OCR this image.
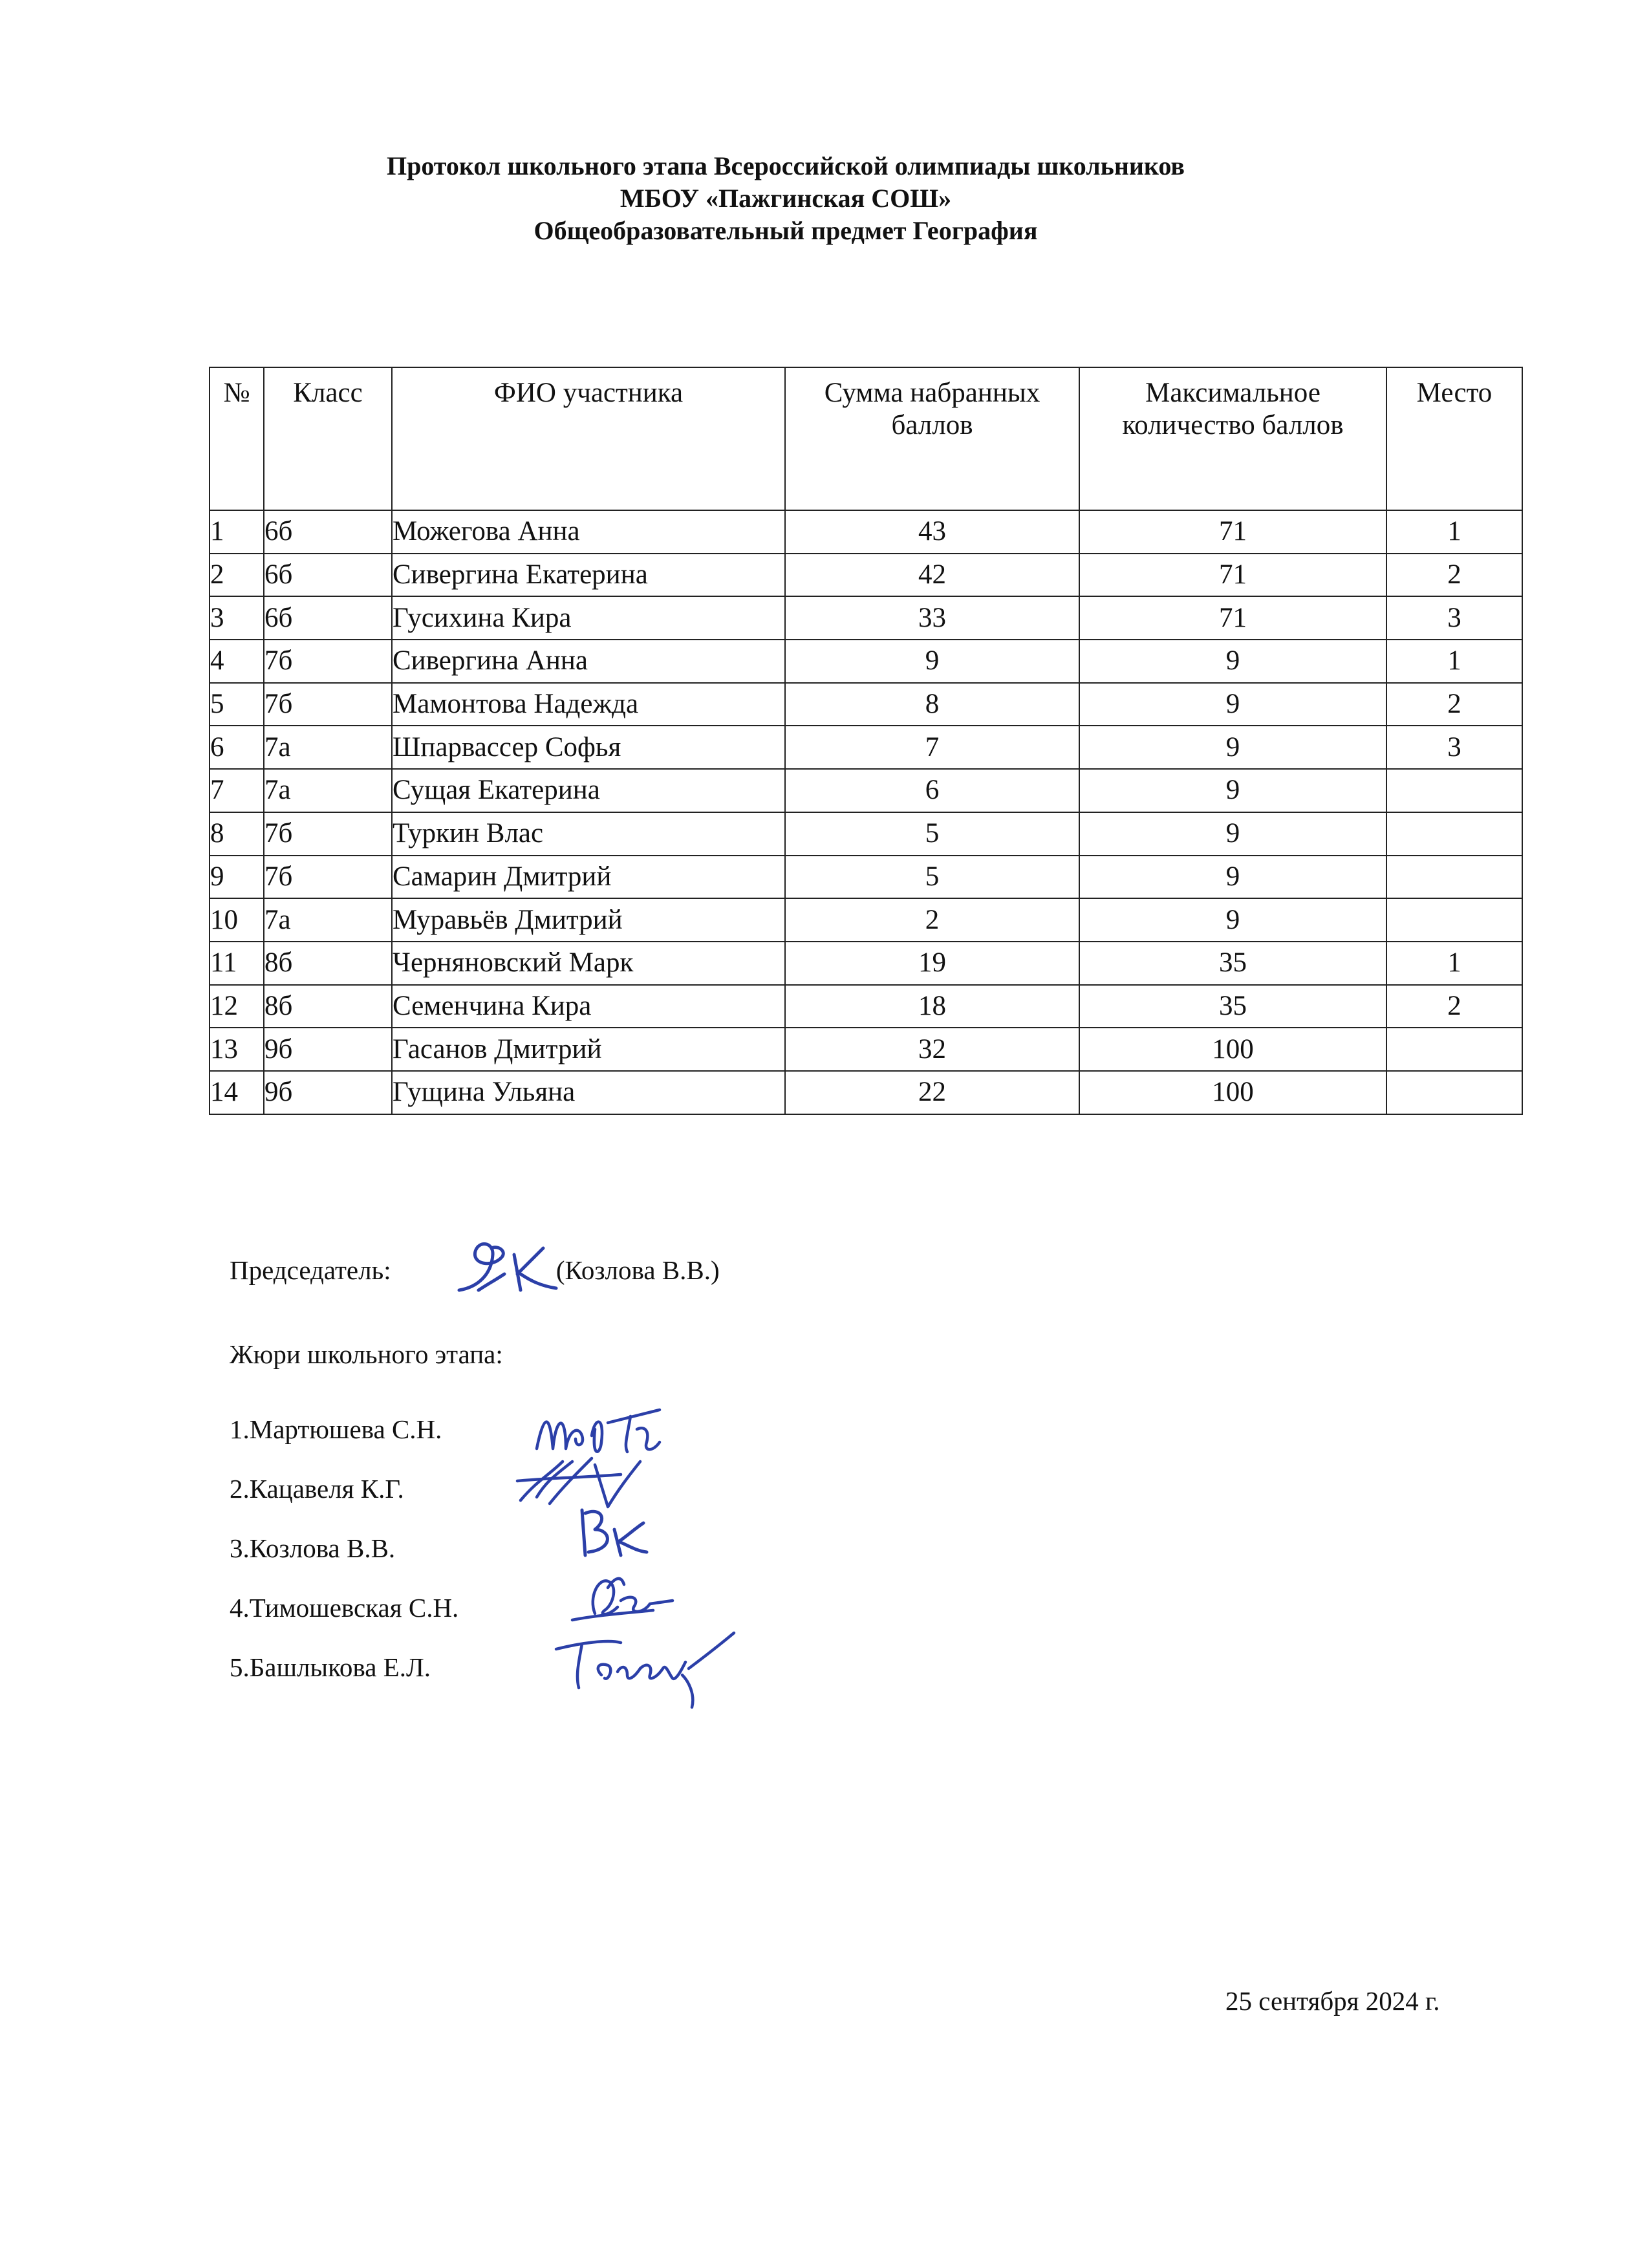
Протокол школьного этапа Всероссийской олимпиады школьников
МБОУ «Пажгинская СОШ»
Общеобразовательный предмет География
№	Класс	ФИО участника	Сумма набранных баллов	Максимальное количество баллов	Место
1	6б	Можегова Анна	43	71	1
2	6б	Сивергина Екатерина	42	71	2
3	6б	Гусихина Кира	33	71	3
4	7б	Сивергина Анна	9	9	1
5	7б	Мамонтова Надежда	8	9	2
6	7а	Шпарвассер Софья	7	9	3
7	7а	Сущая Екатерина	6	9	
8	7б	Туркин Влас	5	9	
9	7б	Самарин Дмитрий	5	9	
10	7а	Муравьёв Дмитрий	2	9	
11	8б	Черняновский Марк	19	35	1
12	8б	Семенчина Кира	18	35	2
13	9б	Гасанов Дмитрий	32	100	
14	9б	Гущина Ульяна	22	100	
Председатель:	(Козлова В.В.)
Жюри школьного этапа:
1.Мартюшева С.Н.
2.Кацавеля К.Г.
3.Козлова В.В.
4.Тимошевская С.Н.
5.Башлыкова Е.Л.
25 сентября 2024 г.
